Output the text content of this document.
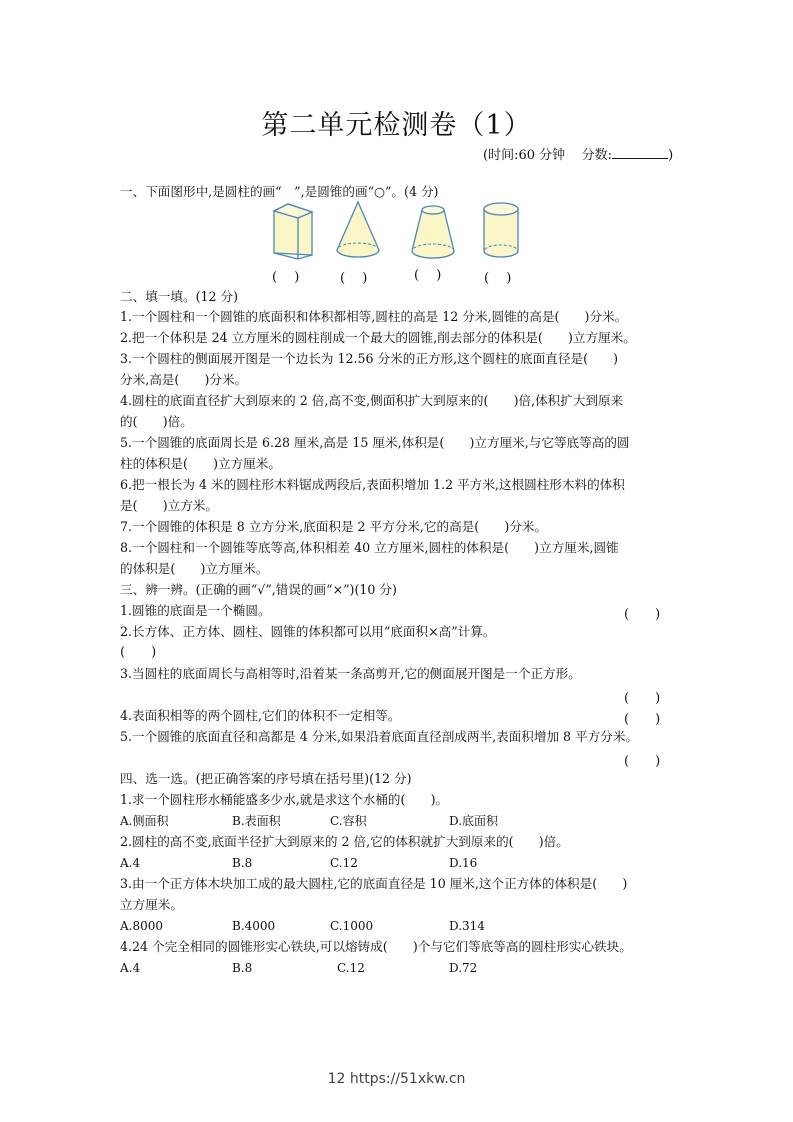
第二单元检测卷（1）
(时间:60 分钟 分数:	)
一、下面图形中,是圆柱的画“　”,是圆锥的画“○”。(4 分)
(　 )	(　 )	(　 )	(　 )
二、填一填。(12 分)
1.一个圆柱和一个圆锥的底面积和体积都相等,圆柱的高是 12 分米,圆锥的高是(　　)分米。
2.把一个体积是 24 立方厘米的圆柱削成一个最大的圆锥,削去部分的体积是(　　)立方厘米。
3.一个圆柱的侧面展开图是一个边长为 12.56 分米的正方形,这个圆柱的底面直径是(　　)
分米,高是(　　)分米。
4.圆柱的底面直径扩大到原来的 2 倍,高不变,侧面积扩大到原来的(　　)倍,体积扩大到原来
的(　　)倍。
5.一个圆锥的底面周长是 6.28 厘米,高是 15 厘米,体积是(　　)立方厘米,与它等底等高的圆
柱的体积是(　　)立方厘米。
6.把一根长为 4 米的圆柱形木料锯成两段后,表面积增加 1.2 平方米,这根圆柱形木料的体积
是(　　)立方米。
7.一个圆锥的体积是 8 立方分米,底面积是 2 平方分米,它的高是(　　)分米。
8.一个圆柱和一个圆锥等底等高,体积相差 40 立方厘米,圆柱的体积是(　　)立方厘米,圆锥
的体积是(　　)立方厘米。
三、辨一辨。(正确的画“√”,错误的画“×”)(10 分)
1.圆锥的底面是一个椭圆。	(　　)
2.长方体、正方体、圆柱、圆锥的体积都可以用“底面积×高”计算。
(　　)
3.当圆柱的底面周长与高相等时,沿着某一条高剪开,它的侧面展开图是一个正方形。
(　　)
4.表面积相等的两个圆柱,它们的体积不一定相等。	(　　)
5.一个圆锥的底面直径和高都是 4 分米,如果沿着底面直径剖成两半,表面积增加 8 平方分米。
(　　)
四、选一选。(把正确答案的序号填在括号里)(12 分)
1.求一个圆柱形水桶能盛多少水,就是求这个水桶的(　　)。
A.侧面积	B.表面积	C.容积	D.底面积
2.圆柱的高不变,底面半径扩大到原来的 2 倍,它的体积就扩大到原来的(　　)倍。
A.4	B.8	C.12	D.16
3.由一个正方体木块加工成的最大圆柱,它的底面直径是 10 厘米,这个正方体的体积是(　　)
立方厘米。
A.8000	B.4000	C.1000	D.314
4.24 个完全相同的圆锥形实心铁块,可以熔铸成(　　)个与它们等底等高的圆柱形实心铁块。
A.4	B.8	C.12	D.72
12 https://51xkw.cn
